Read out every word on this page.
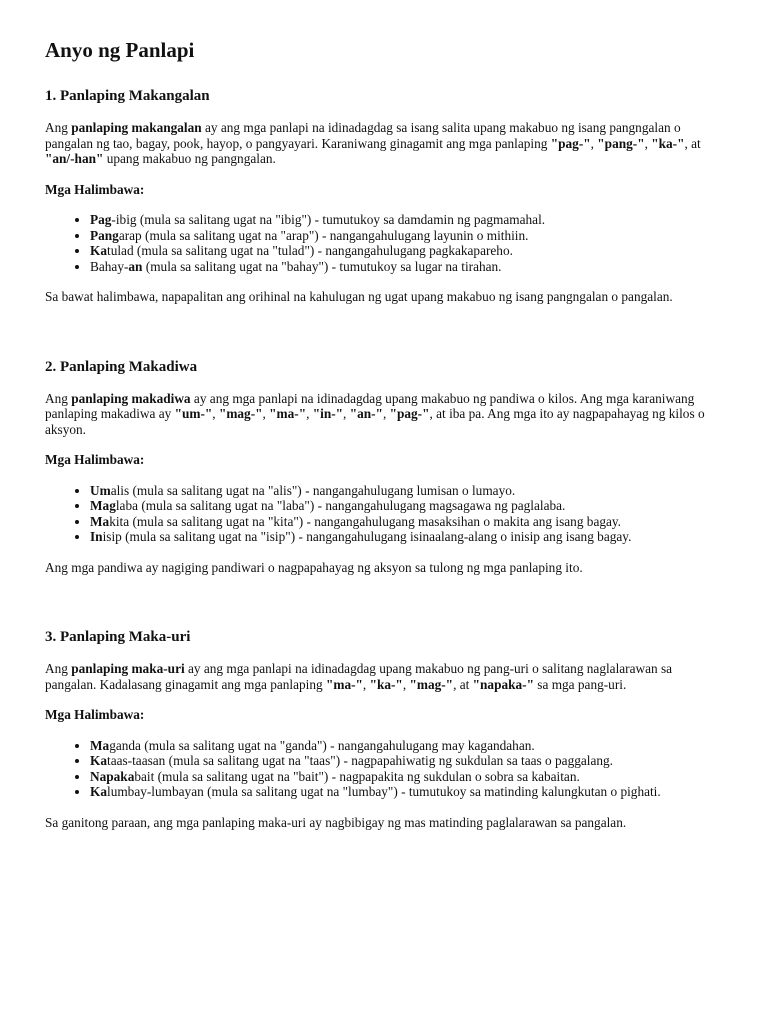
Anyo ng Panlapi
1. Panlaping Makangalan

Ang panlaping makangalan ay ang mga panlapi na idinadagdag sa isang salita upang makabuo ng isang pangngalan o pangalan ng tao, bagay, pook, hayop, o pangyayari. Karaniwang ginagamit ang mga panlaping "pag-", "pang-", "ka-", at "an/-han" upang makabuo ng pangngalan.

Mga Halimbawa:
• Pag-ibig (mula sa salitang ugat na "ibig") - tumutukoy sa damdamin ng pagmamahal.
• Pangarap (mula sa salitang ugat na "arap") - nangangahulugang layunin o mithiin.
• Katulad (mula sa salitang ugat na "tulad") - nangangahulugang pagkakapareho.
• Bahay-an (mula sa salitang ugat na "bahay") - tumutukoy sa lugar na tirahan.

Sa bawat halimbawa, napapalitan ang orihinal na kahulugan ng ugat upang makabuo ng isang pangngalan o pangalan.

2. Panlaping Makadiwa

Ang panlaping makadiwa ay ang mga panlapi na idinadagdag upang makabuo ng pandiwa o kilos. Ang mga karaniwang panlaping makadiwa ay "um-", "mag-", "ma-", "in-", "an-", "pag-", at iba pa. Ang mga ito ay nagpapahayag ng kilos o aksyon.

Mga Halimbawa:
• Umalis (mula sa salitang ugat na "alis") - nangangahulugang lumisan o lumayo.
• Maglaba (mula sa salitang ugat na "laba") - nangangahulugang magsagawa ng paglalaba.
• Makita (mula sa salitang ugat na "kita") - nangangahulugang masaksihan o makita ang isang bagay.
• Inisip (mula sa salitang ugat na "isip") - nangangahulugang isinaalang-alang o inisip ang isang bagay.

Ang mga pandiwa ay nagiging pandiwari o nagpapahayag ng aksyon sa tulong ng mga panlaping ito.

3. Panlaping Maka-uri

Ang panlaping maka-uri ay ang mga panlapi na idinadagdag upang makabuo ng pang-uri o salitang naglalarawan sa pangalan. Kadalasang ginagamit ang mga panlaping "ma-", "ka-", "mag-", at "napaka-" sa mga pang-uri.

Mga Halimbawa:
• Maganda (mula sa salitang ugat na "ganda") - nangangahulugang may kagandahan.
• Kataas-taasan (mula sa salitang ugat na "taas") - nagpapahiwatig ng sukdulan sa taas o paggalang.
• Napakabait (mula sa salitang ugat na "bait") - nagpapakita ng sukdulan o sobra sa kabaitan.
• Kalumbay-lumbayan (mula sa salitang ugat na "lumbay") - tumutukoy sa matinding kalungkutan o pighati.

Sa ganitong paraan, ang mga panlaping maka-uri ay nagbibigay ng mas matinding paglalarawan sa pangalan.
